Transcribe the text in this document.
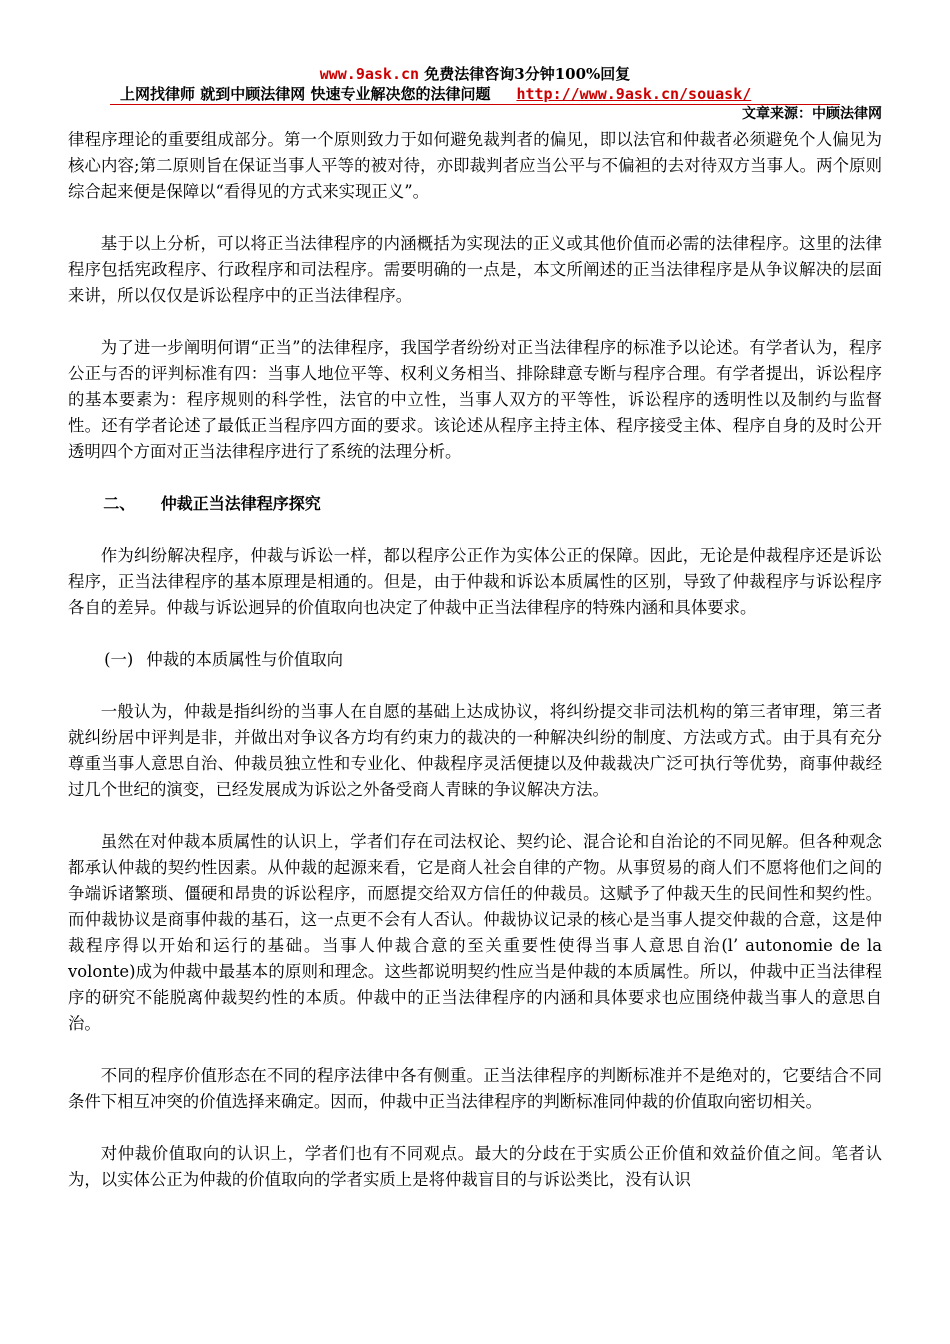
www.9ask.cn 免费法律咨询3分钟100%回复
上网找律师 就到中顾法律网 快速专业解决您的法律问题 http://www.9ask.cn/souask/
文章来源：中顾法律网

律程序理论的重要组成部分。第一个原则致力于如何避免裁判者的偏见，即以法官和仲裁者必须避免个人偏见为核心内容;第二原则旨在保证当事人平等的被对待，亦即裁判者应当公平与不偏袒的去对待双方当事人。两个原则综合起来便是保障以“看得见的方式来实现正义”。

基于以上分析，可以将正当法律程序的内涵概括为实现法的正义或其他价值而必需的法律程序。这里的法律程序包括宪政程序、行政程序和司法程序。需要明确的一点是，本文所阐述的正当法律程序是从争议解决的层面来讲，所以仅仅是诉讼程序中的正当法律程序。

为了进一步阐明何谓“正当”的法律程序，我国学者纷纷对正当法律程序的标准予以论述。有学者认为，程序公正与否的评判标准有四：当事人地位平等、权利义务相当、排除肆意专断与程序合理。有学者提出，诉讼程序的基本要素为：程序规则的科学性，法官的中立性，当事人双方的平等性，诉讼程序的透明性以及制约与监督性。还有学者论述了最低正当程序四方面的要求。该论述从程序主持主体、程序接受主体、程序自身的及时公开透明四个方面对正当法律程序进行了系统的法理分析。

二、 仲裁正当法律程序探究

作为纠纷解决程序，仲裁与诉讼一样，都以程序公正作为实体公正的保障。因此，无论是仲裁程序还是诉讼程序，正当法律程序的基本原理是相通的。但是，由于仲裁和诉讼本质属性的区别，导致了仲裁程序与诉讼程序各自的差异。仲裁与诉讼迥异的价值取向也决定了仲裁中正当法律程序的特殊内涵和具体要求。

(一) 仲裁的本质属性与价值取向

一般认为，仲裁是指纠纷的当事人在自愿的基础上达成协议，将纠纷提交非司法机构的第三者审理，第三者就纠纷居中评判是非，并做出对争议各方均有约束力的裁决的一种解决纠纷的制度、方法或方式。由于具有充分尊重当事人意思自治、仲裁员独立性和专业化、仲裁程序灵活便捷以及仲裁裁决广泛可执行等优势，商事仲裁经过几个世纪的演变，已经发展成为诉讼之外备受商人青睐的争议解决方法。

虽然在对仲裁本质属性的认识上，学者们存在司法权论、契约论、混合论和自治论的不同见解。但各种观念都承认仲裁的契约性因素。从仲裁的起源来看，它是商人社会自律的产物。从事贸易的商人们不愿将他们之间的争端诉诸繁琐、僵硬和昂贵的诉讼程序，而愿提交给双方信任的仲裁员。这赋予了仲裁天生的民间性和契约性。而仲裁协议是商事仲裁的基石，这一点更不会有人否认。仲裁协议记录的核心是当事人提交仲裁的合意，这是仲裁程序得以开始和运行的基础。当事人仲裁合意的至关重要性使得当事人意思自治(l’ autonomie de la volonte)成为仲裁中最基本的原则和理念。这些都说明契约性应当是仲裁的本质属性。所以，仲裁中正当法律程序的研究不能脱离仲裁契约性的本质。仲裁中的正当法律程序的内涵和具体要求也应围绕仲裁当事人的意思自治。

不同的程序价值形态在不同的程序法律中各有侧重。正当法律程序的判断标准并不是绝对的，它要结合不同条件下相互冲突的价值选择来确定。因而，仲裁中正当法律程序的判断标准同仲裁的价值取向密切相关。

对仲裁价值取向的认识上，学者们也有不同观点。最大的分歧在于实质公正价值和效益价值之间。笔者认为，以实体公正为仲裁的价值取向的学者实质上是将仲裁盲目的与诉讼类比，没有认识
